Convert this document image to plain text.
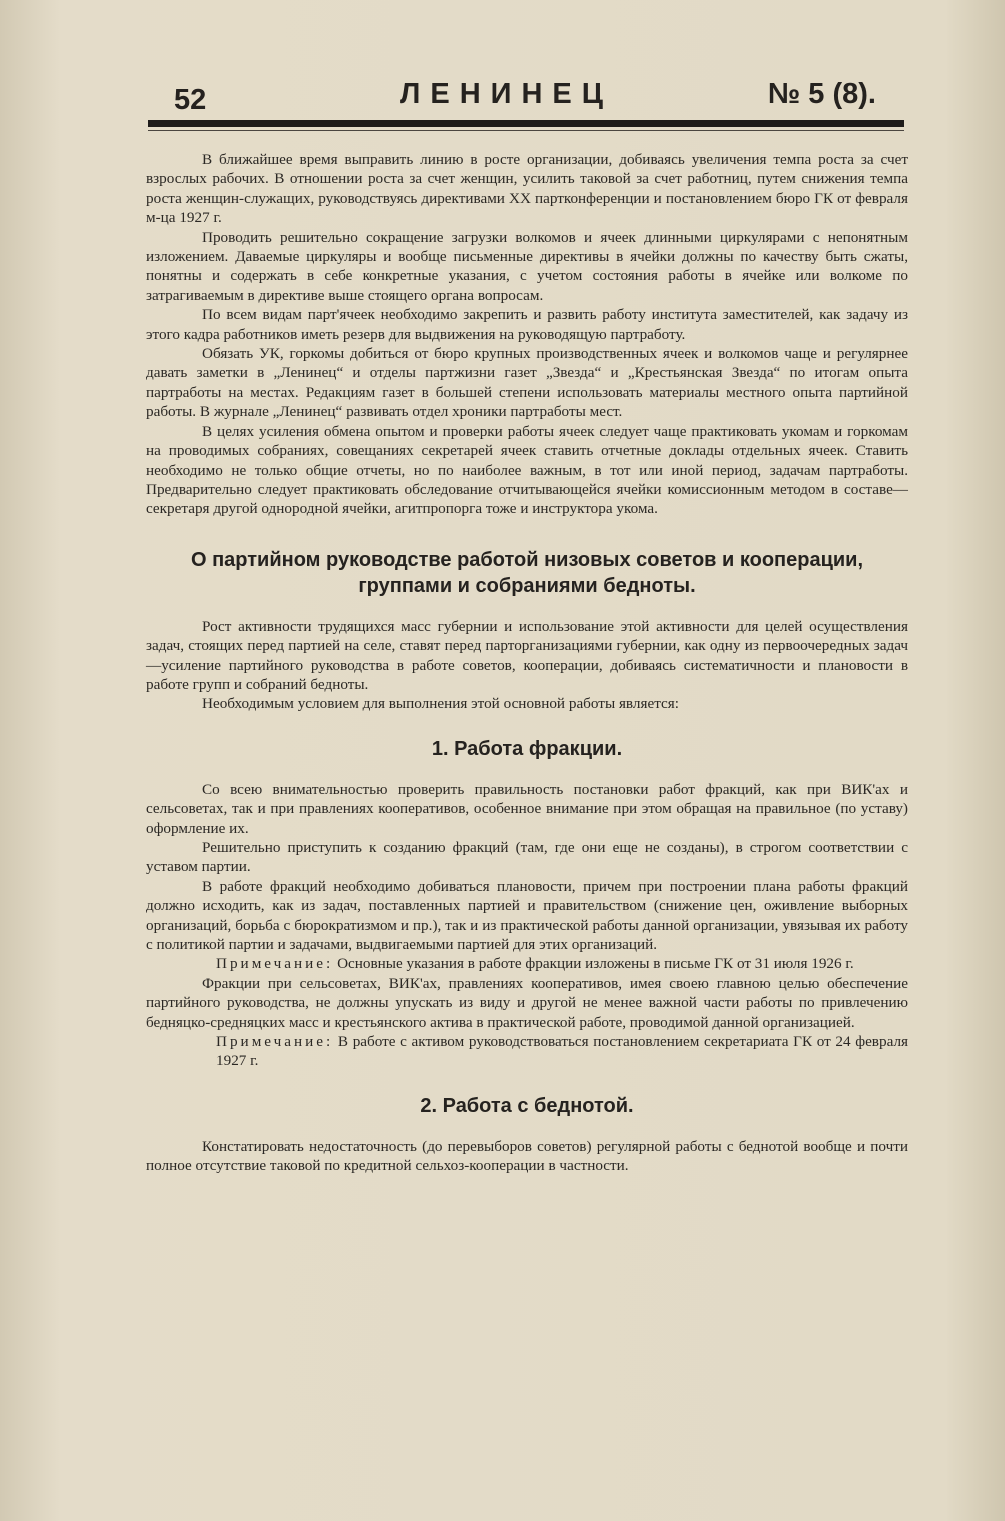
52	ЛЕНИНЕЦ	№ 5 (8).

В ближайшее время выправить линию в росте организации, добиваясь увеличения темпа роста за счет взрослых рабочих. В отношении роста за счет женщин, усилить таковой за счет работниц, путем снижения темпа роста женщин-служащих, руководствуясь директивами XX партконференции и постановлением бюро ГК от февраля м-ца 1927 г.

Проводить решительно сокращение загрузки волкомов и ячеек длинными циркулярами с непонятным изложением. Даваемые циркуляры и вообще письменные директивы в ячейки должны по качеству быть сжаты, понятны и содержать в себе конкретные указания, с учетом состояния работы в ячейке или волкоме по затрагиваемым в директиве выше стоящего органа вопросам.

По всем видам парт'ячеек необходимо закрепить и развить работу института заместителей, как задачу из этого кадра работников иметь резерв для выдвижения на руководящую партработу.

Обязать УК, горкомы добиться от бюро крупных производственных ячеек и волкомов чаще и регулярнее давать заметки в „Ленинец“ и отделы партжизни газет „Звезда“ и „Крестьянская Звезда“ по итогам опыта партработы на местах. Редакциям газет в большей степени использовать материалы местного опыта партийной работы. В журнале „Ленинец“ развивать отдел хроники партработы мест.

В целях усиления обмена опытом и проверки работы ячеек следует чаще практиковать укомам и горкомам на проводимых собраниях, совещаниях секретарей ячеек ставить отчетные доклады отдельных ячеек. Ставить необходимо не только общие отчеты, но по наиболее важным, в тот или иной период, задачам партработы. Предварительно следует практиковать обследование отчитывающейся ячейки комиссионным методом в составе—секретаря другой однородной ячейки, агитпропорга тоже и инструктора укома.

О партийном руководстве работой низовых советов и кооперации, группами и собраниями бедноты.

Рост активности трудящихся масс губернии и использование этой активности для целей осуществления задач, стоящих перед партией на селе, ставят перед парторганизациями губернии, как одну из первоочередных задач—усиление партийного руководства в работе советов, кооперации, добиваясь систематичности и плановости в работе групп и собраний бедноты.

Необходимым условием для выполнения этой основной работы является:

1. Работа фракции.

Со всею внимательностью проверить правильность постановки работ фракций, как при ВИК'ах и сельсоветах, так и при правлениях кооперативов, особенное внимание при этом обращая на правильное (по уставу) оформление их.

Решительно приступить к созданию фракций (там, где они еще не созданы), в строгом соответствии с уставом партии.

В работе фракций необходимо добиваться плановости, причем при построении плана работы фракций должно исходить, как из задач, поставленных партией и правительством (снижение цен, оживление выборных организаций, борьба с бюрократизмом и пр.), так и из практической работы данной организации, увязывая их работу с политикой партии и задачами, выдвигаемыми партией для этих организаций.

Примечание: Основные указания в работе фракции изложены в письме ГК от 31 июля 1926 г.

Фракции при сельсоветах, ВИК'ах, правлениях кооперативов, имея своею главною целью обеспечение партийного руководства, не должны упускать из виду и другой не менее важной части работы по привлечению бедняцко-средняцких масс и крестьянского актива в практической работе, проводимой данной организацией.

Примечание: В работе с активом руководствоваться постановлением секретариата ГК от 24 февраля 1927 г.

2. Работа с беднотой.

Констатировать недостаточность (до перевыборов советов) регулярной работы с беднотой вообще и почти полное отсутствие таковой по кредитной сельхоз-кооперации в частности.
